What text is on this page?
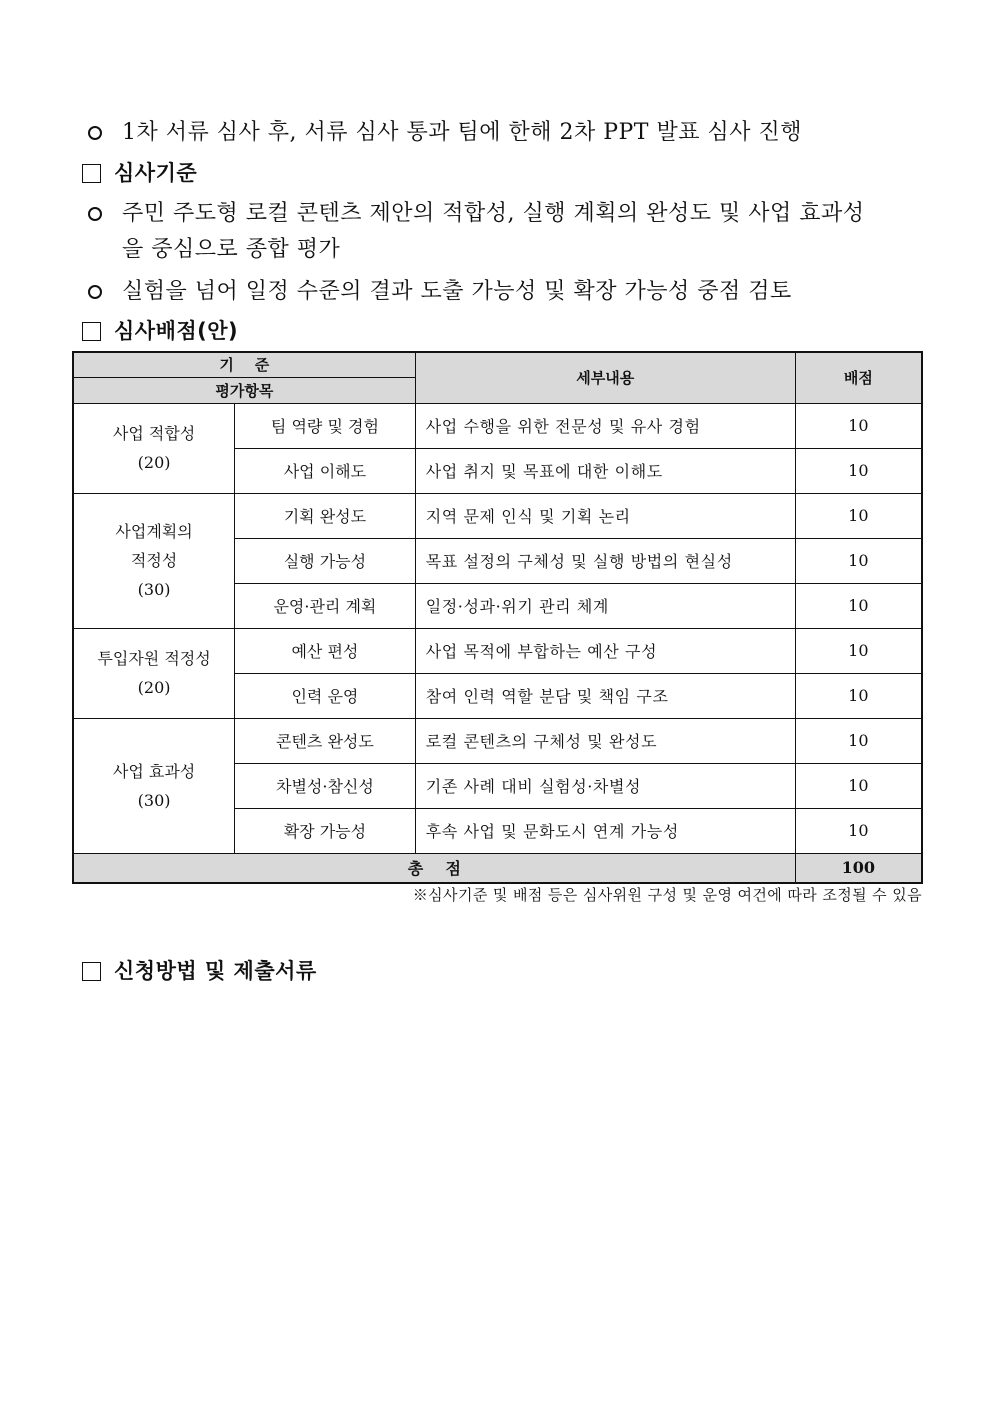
1차 서류 심사 후, 서류 심사 통과 팀에 한해 2차 PPT 발표 심사 진행
심사기준
주민 주도형 로컬 콘텐츠 제안의 적합성, 실행 계획의 완성도 및 사업 효과성
을 중심으로 종합 평가
실험을 넘어 일정 수준의 결과 도출 가능성 및 확장 가능성 중점 검토
심사배점(안)
기    준		세부내용	배점
평가항목			

사업 적합성
(20)	팀 역량 및 경험	사업 수행을 위한 전문성 및 유사 경험	10
	사업 이해도	사업 취지 및 목표에 대한 이해도	10

사업계획의
적정성
(30)	기획 완성도	지역 문제 인식 및 기획 논리	10
	실행 가능성	목표 설정의 구체성 및 실행 방법의 현실성	10
	운영·관리 계획	일정·성과·위기 관리 체계	10

투입자원 적정성
(20)	예산 편성	사업 목적에 부합하는 예산 구성	10
	인력 운영	참여 인력 역할 분담 및 책임 구조	10

사업 효과성
(30)	콘텐츠 완성도	로컬 콘텐츠의 구체성 및 완성도	10
	차별성·참신성	기존 사례 대비 실험성·차별성	10
	확장 가능성	후속 사업 및 문화도시 연계 가능성	10
총    점			100
※심사기준 및 배점 등은 심사위원 구성 및 운영 여건에 따라 조정될 수 있음
신청방법 및 제출서류
